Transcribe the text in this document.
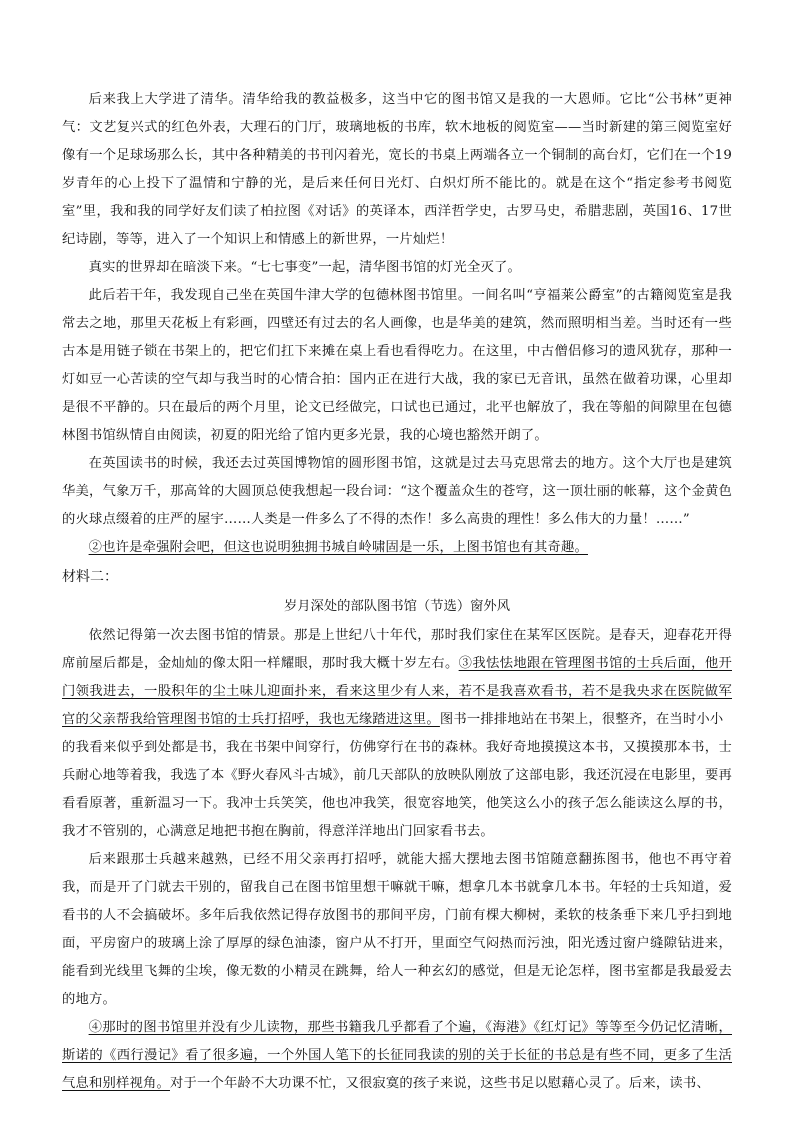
后来我上大学进了清华。清华给我的教益极多，这当中它的图书馆又是我的一大恩师。它比“公书林”更神气：文艺复兴式的红色外表，大理石的门厅，玻璃地板的书库，软木地板的阅览室——当时新建的第三阅览室好像有一个足球场那么长，其中各种精美的书刊闪着光，宽长的书桌上两端各立一个铜制的高台灯，它们在一个19岁青年的心上投下了温情和宁静的光，是后来任何日光灯、白炽灯所不能比的。就是在这个“指定参考书阅览室”里，我和我的同学好友们读了柏拉图《对话》的英译本，西洋哲学史，古罗马史，希腊悲剧，英国16、17世纪诗剧，等等，进入了一个知识上和情感上的新世界，一片灿烂！

真实的世界却在暗淡下来。“七七事变”一起，清华图书馆的灯光全灭了。

此后若干年，我发现自己坐在英国牛津大学的包德林图书馆里。一间名叫“亨福莱公爵室”的古籍阅览室是我常去之地，那里天花板上有彩画，四壁还有过去的名人画像，也是华美的建筑，然而照明相当差。当时还有一些古本是用链子锁在书架上的，把它们扛下来摊在桌上看也看得吃力。在这里，中古僧侣修习的遗风犹存，那种一灯如豆一心苦读的空气却与我当时的心情合拍：国内正在进行大战，我的家已无音讯，虽然在做着功课，心里却是很不平静的。只在最后的两个月里，论文已经做完，口试也已通过，北平也解放了，我在等船的间隙里在包德林图书馆纵情自由阅读，初夏的阳光给了馆内更多光景，我的心境也豁然开朗了。

在英国读书的时候，我还去过英国博物馆的圆形图书馆，这就是过去马克思常去的地方。这个大厅也是建筑华美，气象万千，那高耸的大圆顶总使我想起一段台词：“这个覆盖众生的苍穹，这一顶壮丽的帐幕，这个金黄色的火球点缀着的庄严的屋宇……人类是一件多么了不得的杰作！多么高贵的理性！多么伟大的力量！……”

②也许是牵强附会吧，但这也说明独拥书城自岭啸固是一乐，上图书馆也有其奇趣。

材料二：
岁月深处的部队图书馆（节选）窗外风

依然记得第一次去图书馆的情景。那是上世纪八十年代，那时我们家住在某军区医院。是春天，迎春花开得席前屋后都是，金灿灿的像太阳一样耀眼，那时我大概十岁左右。③我怯怯地跟在管理图书馆的士兵后面，他开门领我进去，一股积年的尘土味儿迎面扑来，看来这里少有人来，若不是我喜欢看书，若不是我央求在医院做军官的父亲帮我给管理图书馆的士兵打招呼，我也无缘踏进这里。图书一排排地站在书架上，很整齐，在当时小小

的我看来似乎到处都是书，我在书架中间穿行，仿佛穿行在书的森林。我好奇地摸摸这本书，又摸摸那本书，士兵耐心地等着我，我选了本《野火春风斗古城》，前几天部队的放映队刚放了这部电影，我还沉浸在电影里，要再看看原著，重新温习一下。我冲士兵笑笑，他也冲我笑，很宽容地笑，他笑这么小的孩子怎么能读这么厚的书，我才不管别的，心满意足地把书抱在胸前，得意洋洋地出门回家看书去。

后来跟那士兵越来越熟，已经不用父亲再打招呼，就能大摇大摆地去图书馆随意翻拣图书，他也不再守着我，而是开了门就去干别的，留我自己在图书馆里想干嘛就干嘛，想拿几本书就拿几本书。年轻的士兵知道，爱看书的人不会搞破坏。多年后我依然记得存放图书的那间平房，门前有棵大柳树，柔软的枝条垂下来几乎扫到地面，平房窗户的玻璃上涂了厚厚的绿色油漆，窗户从不打开，里面空气闷热而污浊，阳光透过窗户缝隙钻进来，能看到光线里飞舞的尘埃，像无数的小精灵在跳舞，给人一种玄幻的感觉，但是无论怎样，图书室都是我最爱去的地方。

④那时的图书馆里并没有少儿读物，那些书籍我几乎都看了个遍，《海港》《红灯记》等等至今仍记忆清晰，斯诺的《西行漫记》看了很多遍，一个外国人笔下的长征同我读的别的关于长征的书总是有些不同，更多了生活气息和别样视角。对于一个年龄不大功课不忙，又很寂寞的孩子来说，这些书足以慰藉心灵了。后来，读书、
